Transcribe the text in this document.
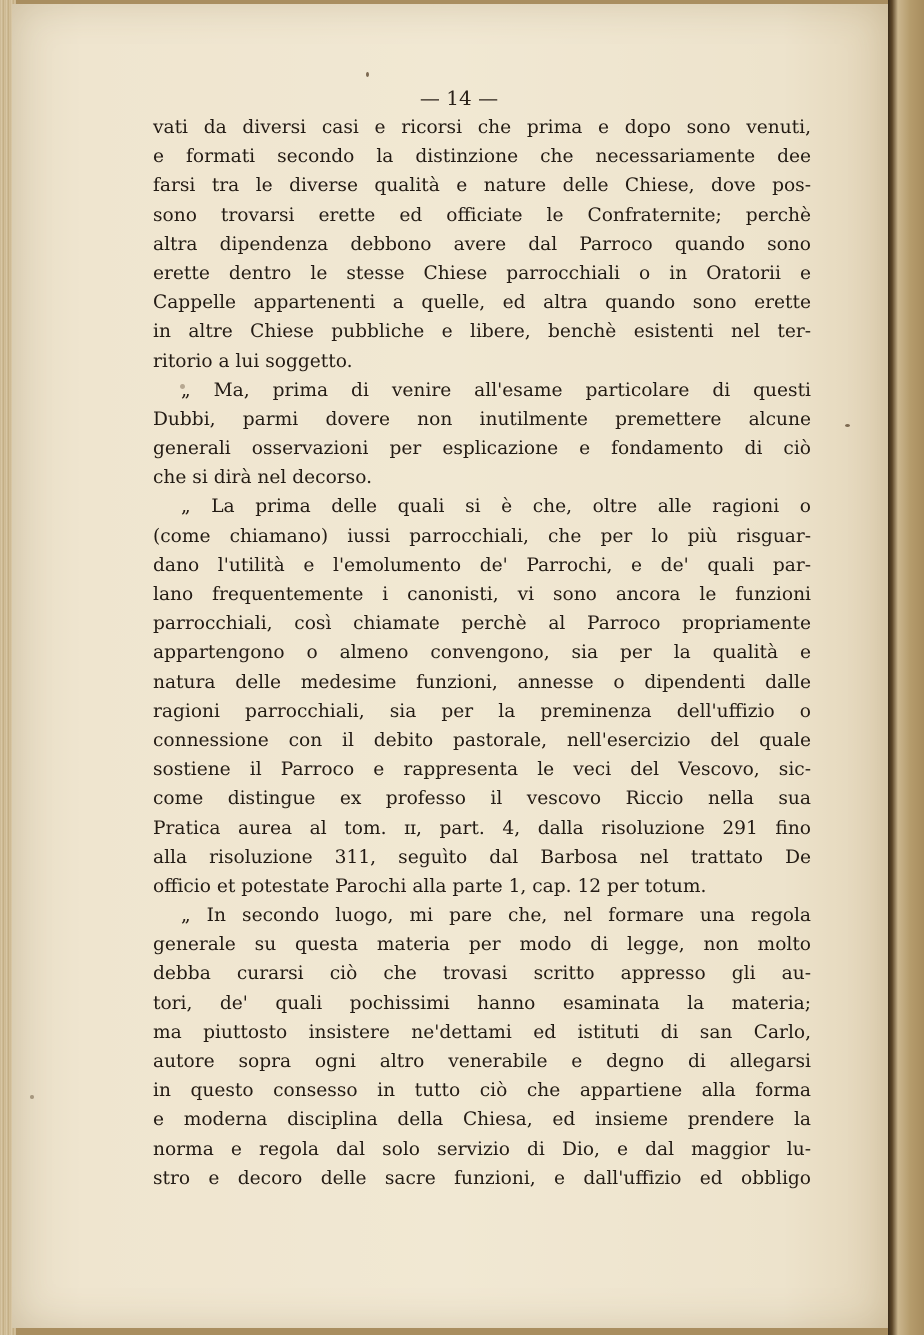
— 14 —

vati da diversi casi e ricorsi che prima e dopo sono venuti,
e formati secondo la distinzione che necessariamente dee
farsi tra le diverse qualità e nature delle Chiese, dove pos-
sono trovarsi erette ed officiate le Confraternite; perchè
altra dipendenza debbono avere dal Parroco quando sono
erette dentro le stesse Chiese parrocchiali o in Oratorii e
Cappelle appartenenti a quelle, ed altra quando sono erette
in altre Chiese pubbliche e libere, benchè esistenti nel ter-
ritorio a lui soggetto.
„ Ma, prima di venire all'esame particolare di questi
Dubbi, parmi dovere non inutilmente premettere alcune
generali osservazioni per esplicazione e fondamento di ciò
che si dirà nel decorso.
„ La prima delle quali si è che, oltre alle ragioni o
(come chiamano) iussi parrocchiali, che per lo più risguar-
dano l'utilità e l'emolumento de' Parrochi, e de' quali par-
lano frequentemente i canonisti, vi sono ancora le funzioni
parrocchiali, così chiamate perchè al Parroco propriamente
appartengono o almeno convengono, sia per la qualità e
natura delle medesime funzioni, annesse o dipendenti dalle
ragioni parrocchiali, sia per la preminenza dell'uffizio o
connessione con il debito pastorale, nell'esercizio del quale
sostiene il Parroco e rappresenta le veci del Vescovo, sic-
come distingue ex professo il vescovo Riccio nella sua
Pratica aurea al tom. ɪɪ, part. 4, dalla risoluzione 291 fino
alla risoluzione 311, seguìto dal Barbosa nel trattato De
officio et potestate Parochi alla parte 1, cap. 12 per totum.
„ In secondo luogo, mi pare che, nel formare una regola
generale su questa materia per modo di legge, non molto
debba curarsi ciò che trovasi scritto appresso gli au-
tori, de' quali pochissimi hanno esaminata la materia;
ma piuttosto insistere ne'dettami ed istituti di san Carlo,
autore sopra ogni altro venerabile e degno di allegarsi
in questo consesso in tutto ciò che appartiene alla forma
e moderna disciplina della Chiesa, ed insieme prendere la
norma e regola dal solo servizio di Dio, e dal maggior lu-
stro e decoro delle sacre funzioni, e dall'uffizio ed obbligo
